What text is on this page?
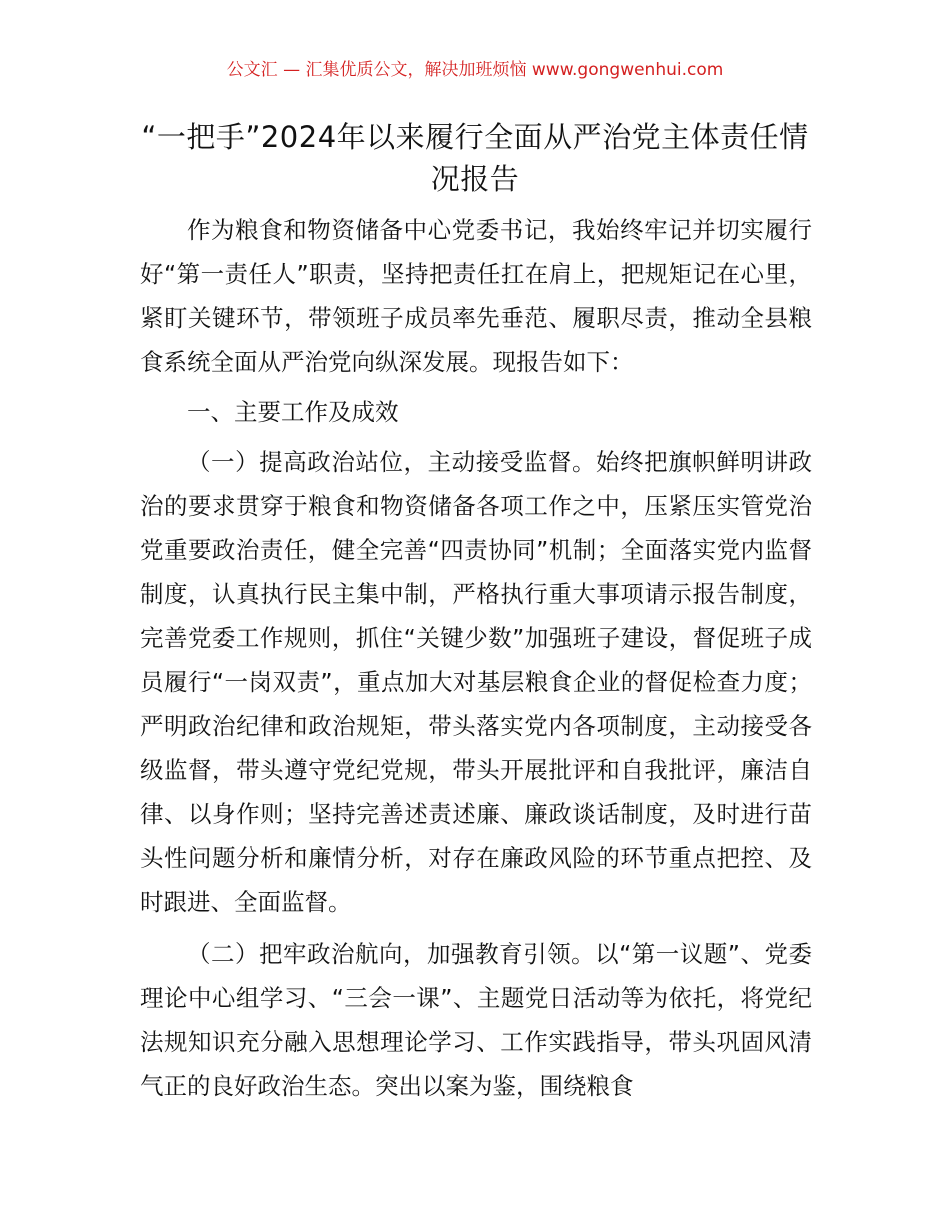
公文汇 — 汇集优质公文，解决加班烦恼 www.gongwenhui.com
“一把手”2024年以来履行全面从严治党主体责任情况报告

作为粮食和物资储备中心党委书记，我始终牢记并切实履行好“第一责任人”职责，坚持把责任扛在肩上，把规矩记在心里，紧盯关键环节，带领班子成员率先垂范、履职尽责，推动全县粮食系统全面从严治党向纵深发展。现报告如下：

一、主要工作及成效

（一）提高政治站位，主动接受监督。始终把旗帜鲜明讲政治的要求贯穿于粮食和物资储备各项工作之中，压紧压实管党治党重要政治责任，健全完善“四责协同”机制；全面落实党内监督制度，认真执行民主集中制，严格执行重大事项请示报告制度，完善党委工作规则，抓住“关键少数”加强班子建设，督促班子成员履行“一岗双责”，重点加大对基层粮食企业的督促检查力度；严明政治纪律和政治规矩，带头落实党内各项制度，主动接受各级监督，带头遵守党纪党规，带头开展批评和自我批评，廉洁自律、以身作则；坚持完善述责述廉、廉政谈话制度，及时进行苗头性问题分析和廉情分析，对存在廉政风险的环节重点把控、及时跟进、全面监督。

（二）把牢政治航向，加强教育引领。以“第一议题”、党委理论中心组学习、“三会一课”、主题党日活动等为依托，将党纪法规知识充分融入思想理论学习、工作实践指导，带头巩固风清气正的良好政治生态。突出以案为鉴，围绕粮食
